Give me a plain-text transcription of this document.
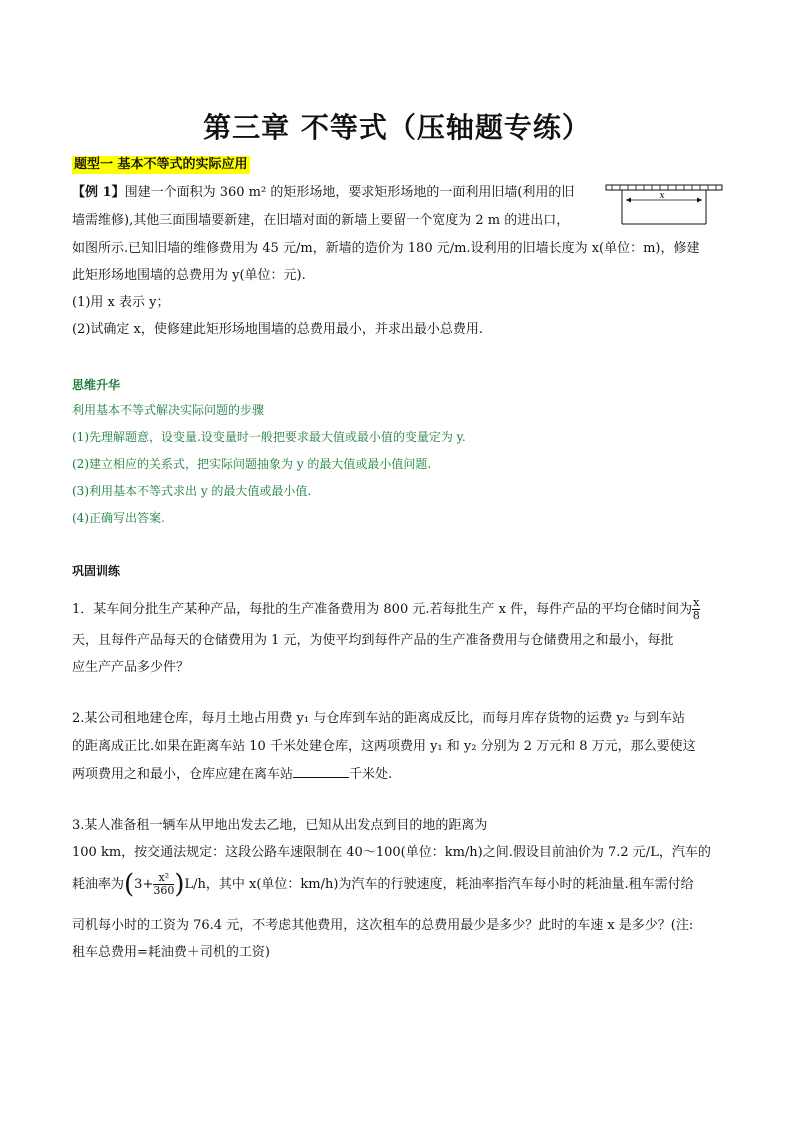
第三章 不等式（压轴题专练）
题型一 基本不等式的实际应用
【例 1】围建一个面积为 360 m² 的矩形场地，要求矩形场地的一面利用旧墙(利用的旧
墙需维修),其他三面围墙要新建，在旧墙对面的新墙上要留一个宽度为 2 m 的进出口，
如图所示.已知旧墙的维修费用为 45 元/m，新墙的造价为 180 元/m.设利用的旧墙长度为 x(单位：m)，修建
此矩形场地围墙的总费用为 y(单位：元).
(1)用 x 表示 y；
(2)试确定 x，使修建此矩形场地围墙的总费用最小，并求出最小总费用.
x
思维升华
利用基本不等式解决实际问题的步骤
(1)先理解题意，设变量.设变量时一般把要求最大值或最小值的变量定为 y.
(2)建立相应的关系式，把实际问题抽象为 y 的最大值或最小值问题.
(3)利用基本不等式求出 y 的最大值或最小值.
(4)正确写出答案.
巩固训练
1．某车间分批生产某种产品，每批的生产准备费用为 800 元.若每批生产 x 件，每件产品的平均仓储时间为 $\frac{x}{8}$
天，且每件产品每天的仓储费用为 1 元，为使平均到每件产品的生产准备费用与仓储费用之和最小，每批
应生产产品多少件？
2.某公司租地建仓库，每月土地占用费 y₁ 与仓库到车站的距离成反比，而每月库存货物的运费 y₂ 与到车站
的距离成正比.如果在距离车站 10 千米处建仓库，这两项费用 y₁ 和 y₂ 分别为 2 万元和 8 万元，那么要使这
两项费用之和最小，仓库应建在离车站	千米处.
3.某人准备租一辆车从甲地出发去乙地，已知从出发点到目的地的距离为
100 km，按交通法规定：这段公路车速限制在 40～100(单位：km/h)之间.假设目前油价为 7.2 元/L，汽车的
耗油率为$(3+ \frac{\text{x²}}{360} )L/h$，其中 x(单位：km/h)为汽车的行驶速度，耗油率指汽车每小时的耗油量.租车需付给
司机每小时的工资为 76.4 元，不考虑其他费用，这次租车的总费用最少是多少？此时的车速 x 是多少？(注:
租车总费用=耗油费＋司机的工资)
